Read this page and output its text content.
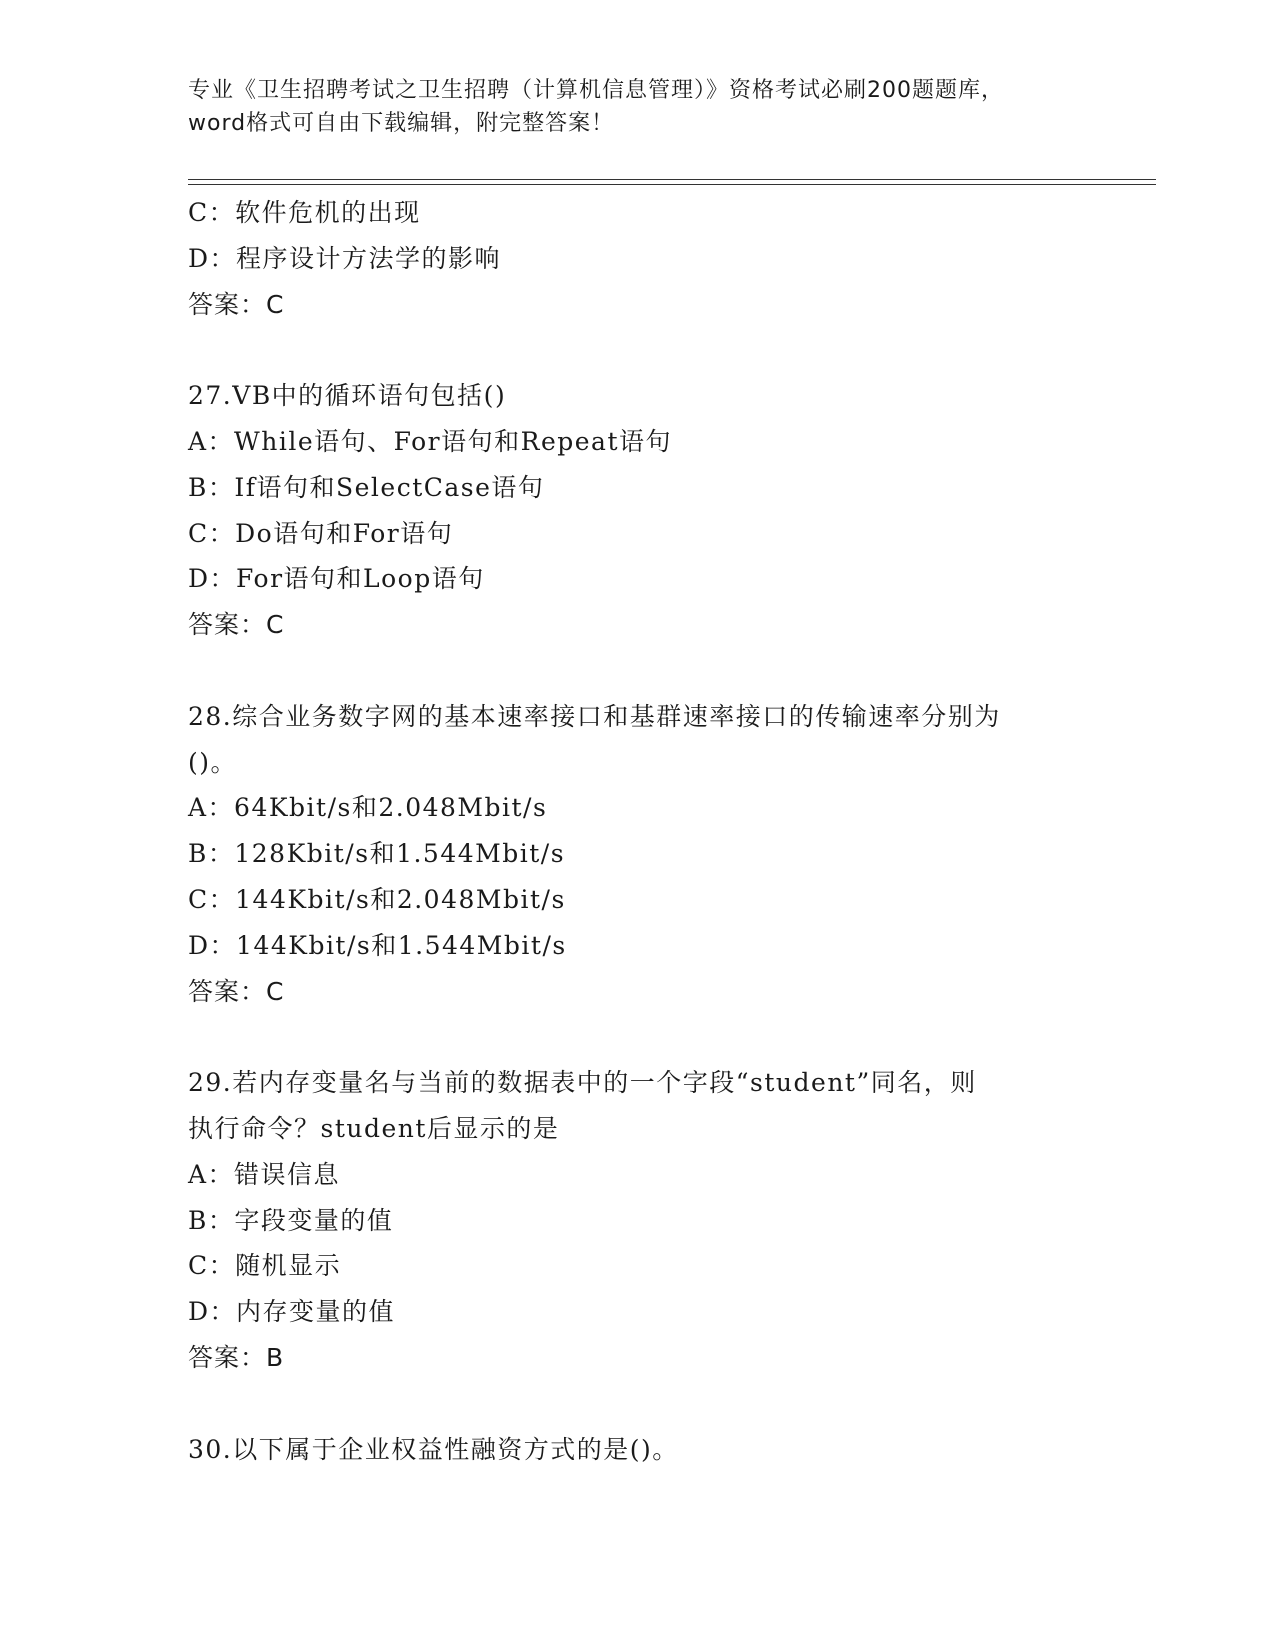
专业《卫生招聘考试之卫生招聘（计算机信息管理）》资格考试必刷200题题库，
word格式可自由下载编辑，附完整答案！
C：软件危机的出现
D：程序设计方法学的影响
答案：C
27.VB中的循环语句包括()
A：While语句、For语句和Repeat语句
B：If语句和SelectCase语句
C：Do语句和For语句
D：For语句和Loop语句
答案：C
28.综合业务数字网的基本速率接口和基群速率接口的传输速率分别为
()。
A：64Kbit/s和2.048Mbit/s
B：128Kbit/s和1.544Mbit/s
C：144Kbit/s和2.048Mbit/s
D：144Kbit/s和1.544Mbit/s
答案：C
29.若内存变量名与当前的数据表中的一个字段“student”同名，则
执行命令？student后显示的是
A：错误信息
B：字段变量的值
C：随机显示
D：内存变量的值
答案：B
30.以下属于企业权益性融资方式的是()。
